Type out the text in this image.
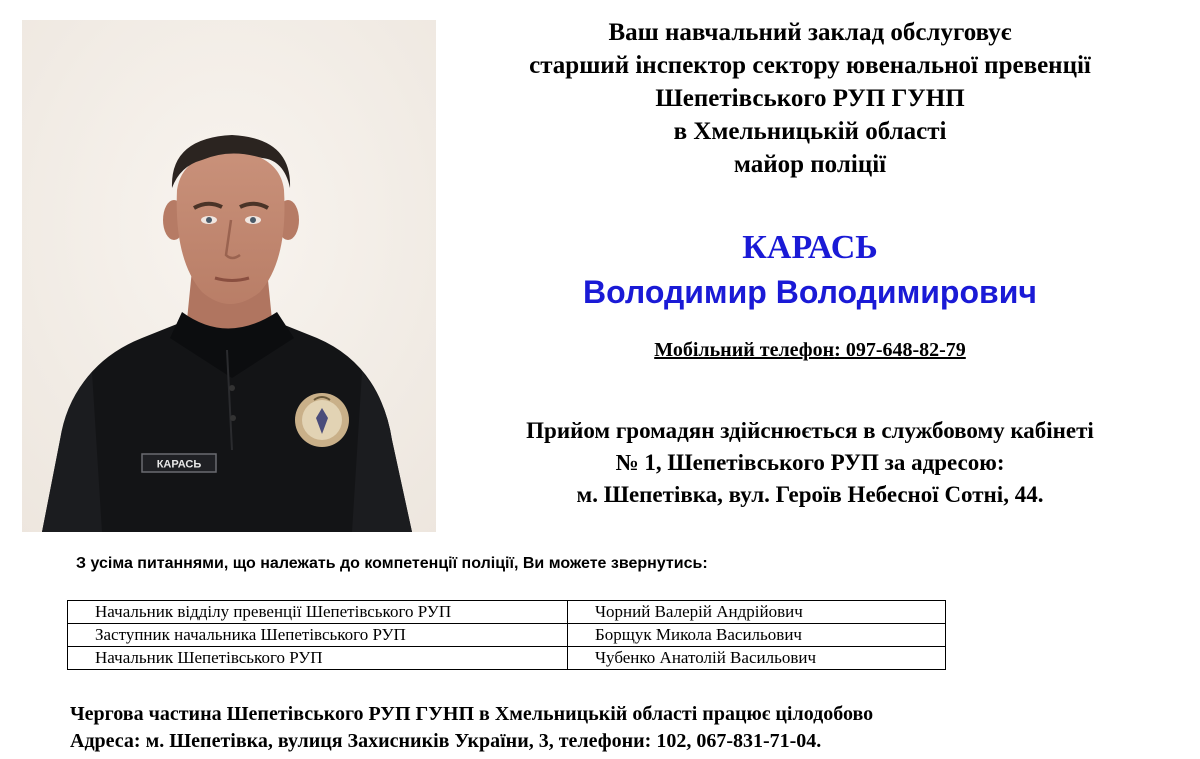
КАРАСЬ
Ваш навчальний заклад обслуговує
старший інспектор сектору ювенальної превенції
Шепетівського РУП ГУНП
в Хмельницькій області
майор поліції
КАРАСЬ
Володимир Володимирович
Мобільний телефон: 097-648-82-79
Прийом громадян здійснюється в службовому кабінеті
№ 1, Шепетівського РУП за адресою:
м. Шепетівка, вул. Героїв Небесної Сотні, 44.
З усіма питаннями, що належать до компетенції поліції, Ви можете звернутись:
Начальник відділу превенції Шепетівського РУП	Чорний Валерій Андрійович
Заступник начальника Шепетівського РУП	Борщук Микола Васильович
Начальник Шепетівського РУП	Чубенко Анатолій Васильович
Чергова частина Шепетівського РУП ГУНП в Хмельницькій області працює цілодобово
Адреса: м. Шепетівка, вулиця Захисників України, 3, телефони: 102, 067-831-71-04.
